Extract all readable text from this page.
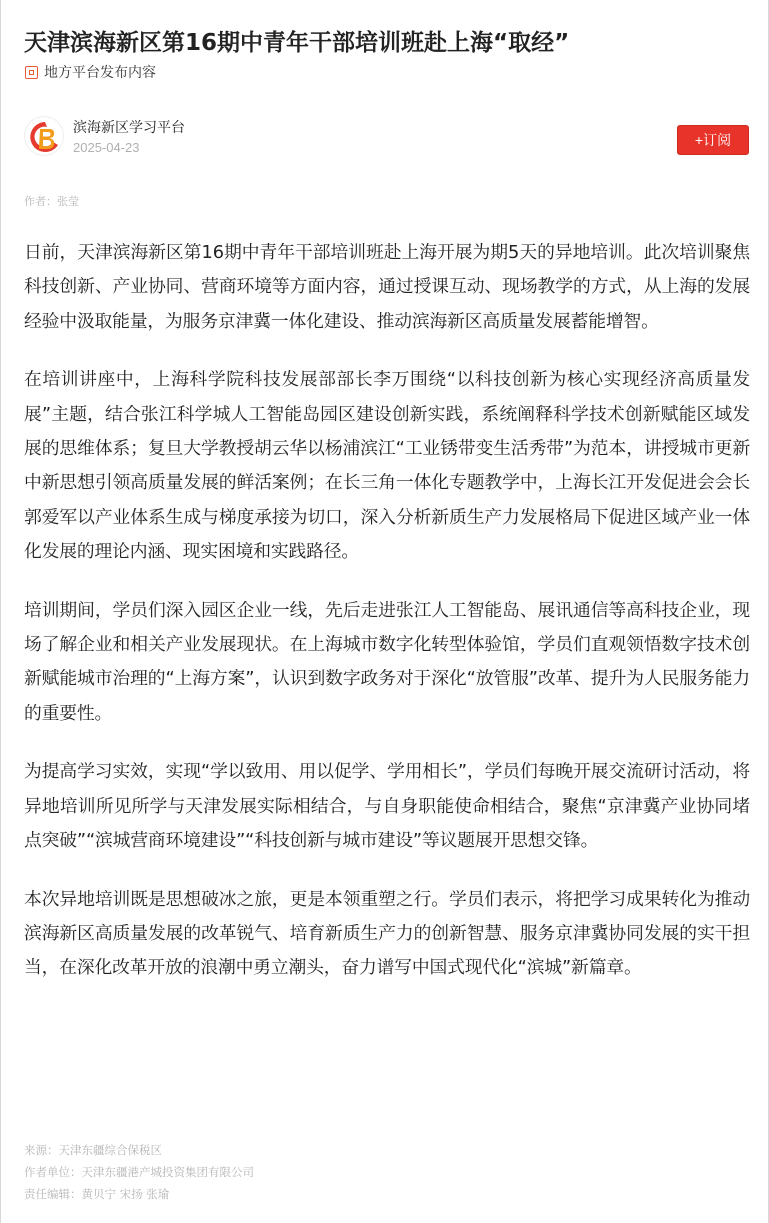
天津滨海新区第16期中青年干部培训班赴上海“取经”
地方平台发布内容
滨海新区学习平台
2025-04-23	+订阅
作者：张莹

日前，天津滨海新区第16期中青年干部培训班赴上海开展为期5天的异地培训。此次培训聚焦科技创新、产业协同、营商环境等方面内容，通过授课互动、现场教学的方式，从上海的发展经验中汲取能量，为服务京津冀一体化建设、推动滨海新区高质量发展蓄能增智。

在培训讲座中，上海科学院科技发展部部长李万围绕“以科技创新为核心实现经济高质量发展”主题，结合张江科学城人工智能岛园区建设创新实践，系统阐释科学技术创新赋能区域发展的思维体系；复旦大学教授胡云华以杨浦滨江“工业锈带变生活秀带”为范本，讲授城市更新中新思想引领高质量发展的鲜活案例；在长三角一体化专题教学中，上海长江开发促进会会长郭爱军以产业体系生成与梯度承接为切口，深入分析新质生产力发展格局下促进区域产业一体化发展的理论内涵、现实困境和实践路径。

培训期间，学员们深入园区企业一线，先后走进张江人工智能岛、展讯通信等高科技企业，现场了解企业和相关产业发展现状。在上海城市数字化转型体验馆，学员们直观领悟数字技术创新赋能城市治理的“上海方案”，认识到数字政务对于深化“放管服”改革、提升为人民服务能力的重要性。

为提高学习实效，实现“学以致用、用以促学、学用相长”，学员们每晚开展交流研讨活动，将异地培训所见所学与天津发展实际相结合，与自身职能使命相结合，聚焦“京津冀产业协同堵点突破”“滨城营商环境建设”“科技创新与城市建设”等议题展开思想交锋。

本次异地培训既是思想破冰之旅，更是本领重塑之行。学员们表示，将把学习成果转化为推动滨海新区高质量发展的改革锐气、培育新质生产力的创新智慧、服务京津冀协同发展的实干担当，在深化改革开放的浪潮中勇立潮头，奋力谱写中国式现代化“滨城”新篇章。

来源：天津东疆综合保税区
作者单位：天津东疆港产城投资集团有限公司
责任编辑：黄贝宁 宋扬 张瑜
